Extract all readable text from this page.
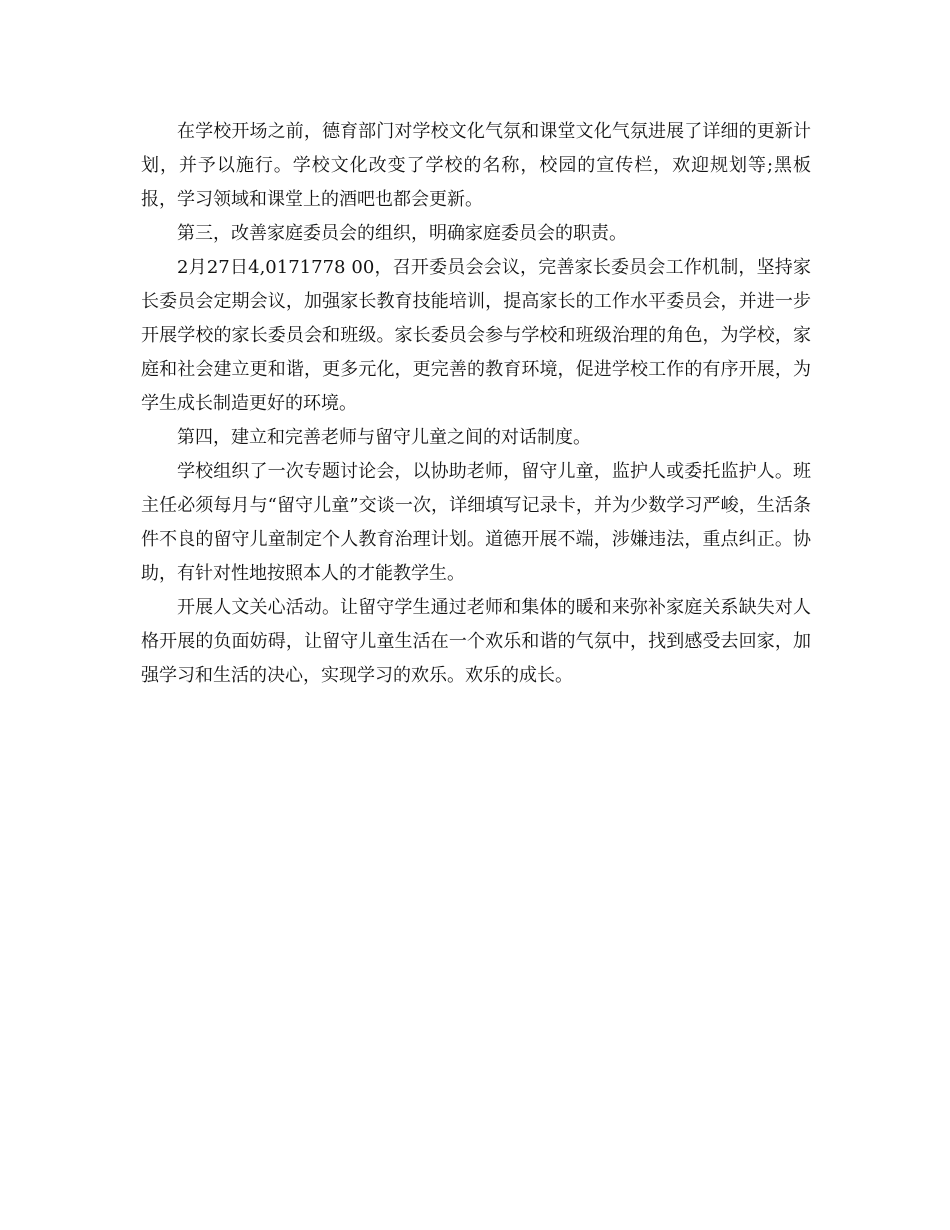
在学校开场之前，德育部门对学校文化气氛和课堂文化气氛进展了详细的更新计划，并予以施行。学校文化改变了学校的名称，校园的宣传栏，欢迎规划等;黑板报，学习领域和课堂上的酒吧也都会更新。

第三，改善家庭委员会的组织，明确家庭委员会的职责。

2月27日4,0171778 00，召开委员会会议，完善家长委员会工作机制，坚持家长委员会定期会议，加强家长教育技能培训，提高家长的工作水平委员会，并进一步开展学校的家长委员会和班级。家长委员会参与学校和班级治理的角色，为学校，家庭和社会建立更和谐，更多元化，更完善的教育环境，促进学校工作的有序开展，为学生成长制造更好的环境。

第四，建立和完善老师与留守儿童之间的对话制度。

学校组织了一次专题讨论会，以协助老师，留守儿童，监护人或委托监护人。班主任必须每月与“留守儿童”交谈一次，详细填写记录卡，并为少数学习严峻，生活条件不良的留守儿童制定个人教育治理计划。道德开展不端，涉嫌违法，重点纠正。协助，有针对性地按照本人的才能教学生。

开展人文关心活动。让留守学生通过老师和集体的暖和来弥补家庭关系缺失对人格开展的负面妨碍，让留守儿童生活在一个欢乐和谐的气氛中，找到感受去回家，加强学习和生活的决心，实现学习的欢乐。欢乐的成长。
